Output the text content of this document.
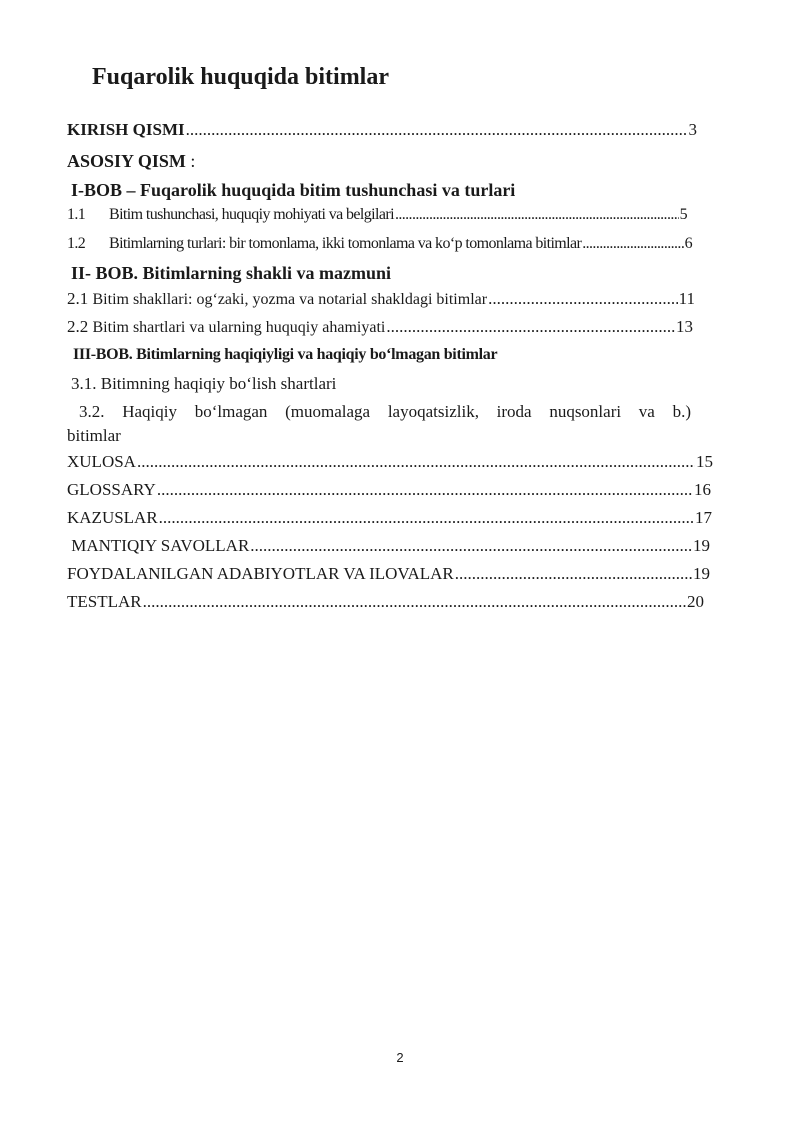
Fuqarolik huquqida bitimlar
KIRISH QISMI .....	3
ASOSIY QISM :
I-BOB – Fuqarolik huquqida bitim tushunchasi va turlari
1.1 Bitim tushunchasi, huquqiy mohiyati va belgilari .....	5
1.2 Bitimlarning turlari: bir tomonlama, ikki tomonlama va ko‘p tomonlama bitimlar .....	6
II- BOB. Bitimlarning shakli va mazmuni
2.1 Bitim shakllari: og‘zaki, yozma va notarial shakldagi bitimlar .....	11
2.2 Bitim shartlari va ularning huquqiy ahamiyati .....	13
III-BOB. Bitimlarning haqiqiyligi va haqiqiy bo‘lmagan bitimlar
3.1. Bitimning haqiqiy bo‘lish shartlari
3.2. Haqiqiy bo‘lmagan (muomalaga layoqatsizlik, iroda nuqsonlari va b.)
bitimlar
XULOSA .....	15
GLOSSARY .....	16
KAZUSLAR .....	17
MANTIQIY SAVOLLAR .....	19
FOYDALANILGAN ADABIYOTLAR VA ILOVALAR .....	19
TESTLAR .....	20
2
